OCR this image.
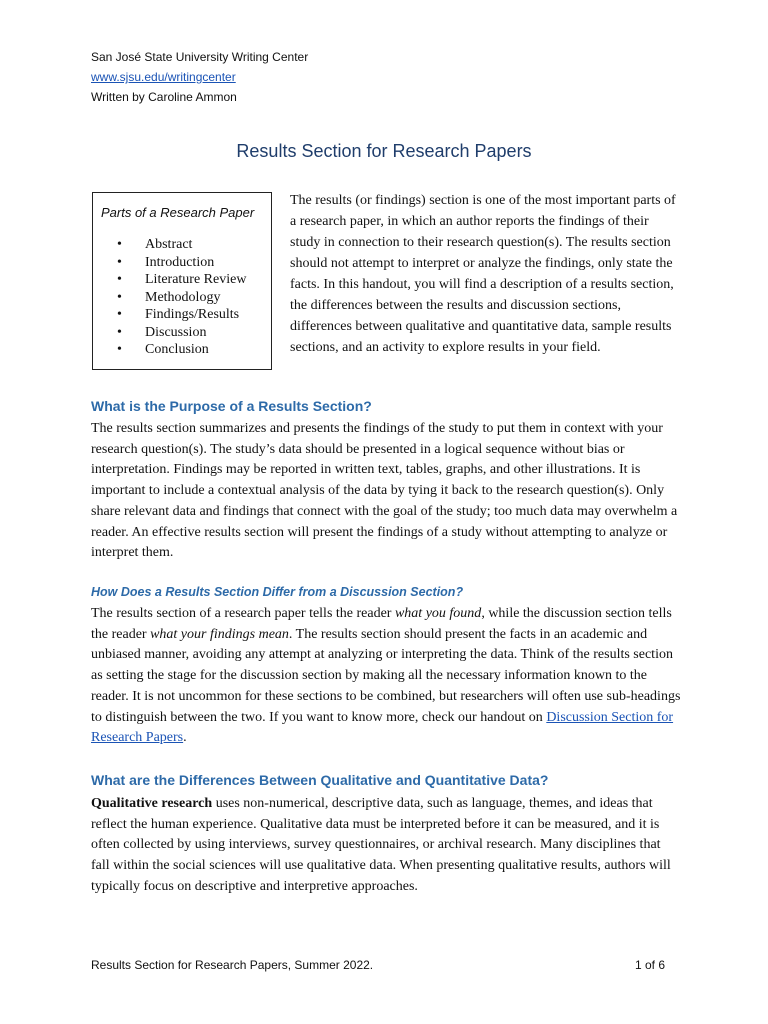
San José State University Writing Center
www.sjsu.edu/writingcenter
Written by Caroline Ammon
Results Section for Research Papers
Parts of a Research Paper
• Abstract
• Introduction
• Literature Review
• Methodology
• Findings/Results
• Discussion
• Conclusion
The results (or findings) section is one of the most important parts of a research paper, in which an author reports the findings of their study in connection to their research question(s). The results section should not attempt to interpret or analyze the findings, only state the facts. In this handout, you will find a description of a results section, the differences between the results and discussion sections, differences between qualitative and quantitative data, sample results sections, and an activity to explore results in your field.
What is the Purpose of a Results Section?
The results section summarizes and presents the findings of the study to put them in context with your research question(s). The study’s data should be presented in a logical sequence without bias or interpretation. Findings may be reported in written text, tables, graphs, and other illustrations. It is important to include a contextual analysis of the data by tying it back to the research question(s). Only share relevant data and findings that connect with the goal of the study; too much data may overwhelm a reader. An effective results section will present the findings of a study without attempting to analyze or interpret them.
How Does a Results Section Differ from a Discussion Section?
The results section of a research paper tells the reader what you found, while the discussion section tells the reader what your findings mean. The results section should present the facts in an academic and unbiased manner, avoiding any attempt at analyzing or interpreting the data. Think of the results section as setting the stage for the discussion section by making all the necessary information known to the reader. It is not uncommon for these sections to be combined, but researchers will often use sub-headings to distinguish between the two. If you want to know more, check our handout on Discussion Section for Research Papers.
What are the Differences Between Qualitative and Quantitative Data?
Qualitative research uses non-numerical, descriptive data, such as language, themes, and ideas that reflect the human experience. Qualitative data must be interpreted before it can be measured, and it is often collected by using interviews, survey questionnaires, or archival research. Many disciplines that fall within the social sciences will use qualitative data. When presenting qualitative results, authors will typically focus on descriptive and interpretive approaches.
Results Section for Research Papers, Summer 2022.	1 of 6
